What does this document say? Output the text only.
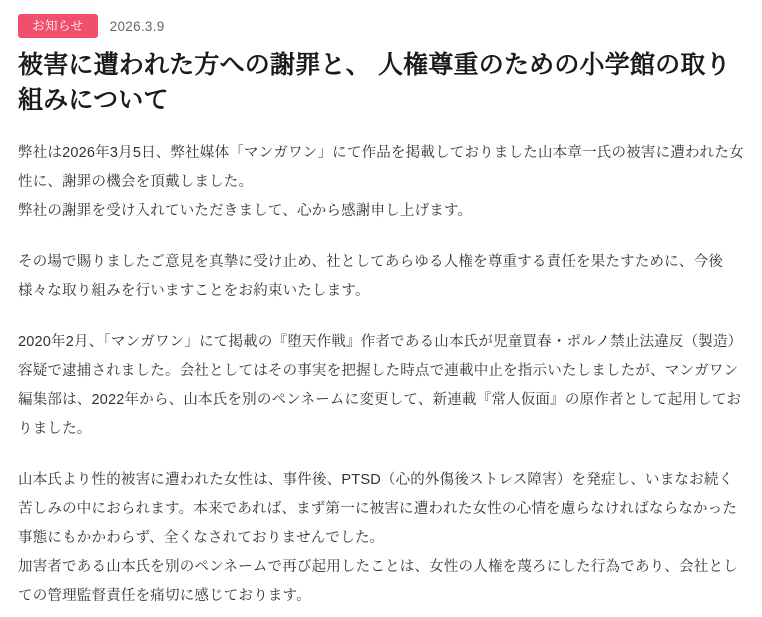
お知らせ	2026.3.9
被害に遭われた方への謝罪と、 人権尊重のための小学館の取り組みについて
弊社は2026年3月5日、弊社媒体「マンガワン」にて作品を掲載しておりました山本章一氏の被害に遭われた女性に、謝罪の機会を頂戴しました。
弊社の謝罪を受け入れていただきまして、心から感謝申し上げます。
その場で賜りましたご意見を真摯に受け止め、社としてあらゆる人権を尊重する責任を果たすために、今後様々な取り組みを行いますことをお約束いたします。
2020年2月、「マンガワン」にて掲載の『堕天作戦』作者である山本氏が児童買春・ポルノ禁止法違反（製造）容疑で逮捕されました。会社としてはその事実を把握した時点で連載中止を指示いたしましたが、マンガワン編集部は、2022年から、山本氏を別のペンネームに変更して、新連載『常人仮面』の原作者として起用しておりました。
山本氏より性的被害に遭われた女性は、事件後、PTSD（心的外傷後ストレス障害）を発症し、いまなお続く苦しみの中におられます。本来であれば、まず第一に被害に遭われた女性の心情を慮らなければならなかった事態にもかかわらず、全くなされておりませんでした。
加害者である山本氏を別のペンネームで再び起用したことは、女性の人権を蔑ろにした行為であり、会社としての管理監督責任を痛切に感じております。
